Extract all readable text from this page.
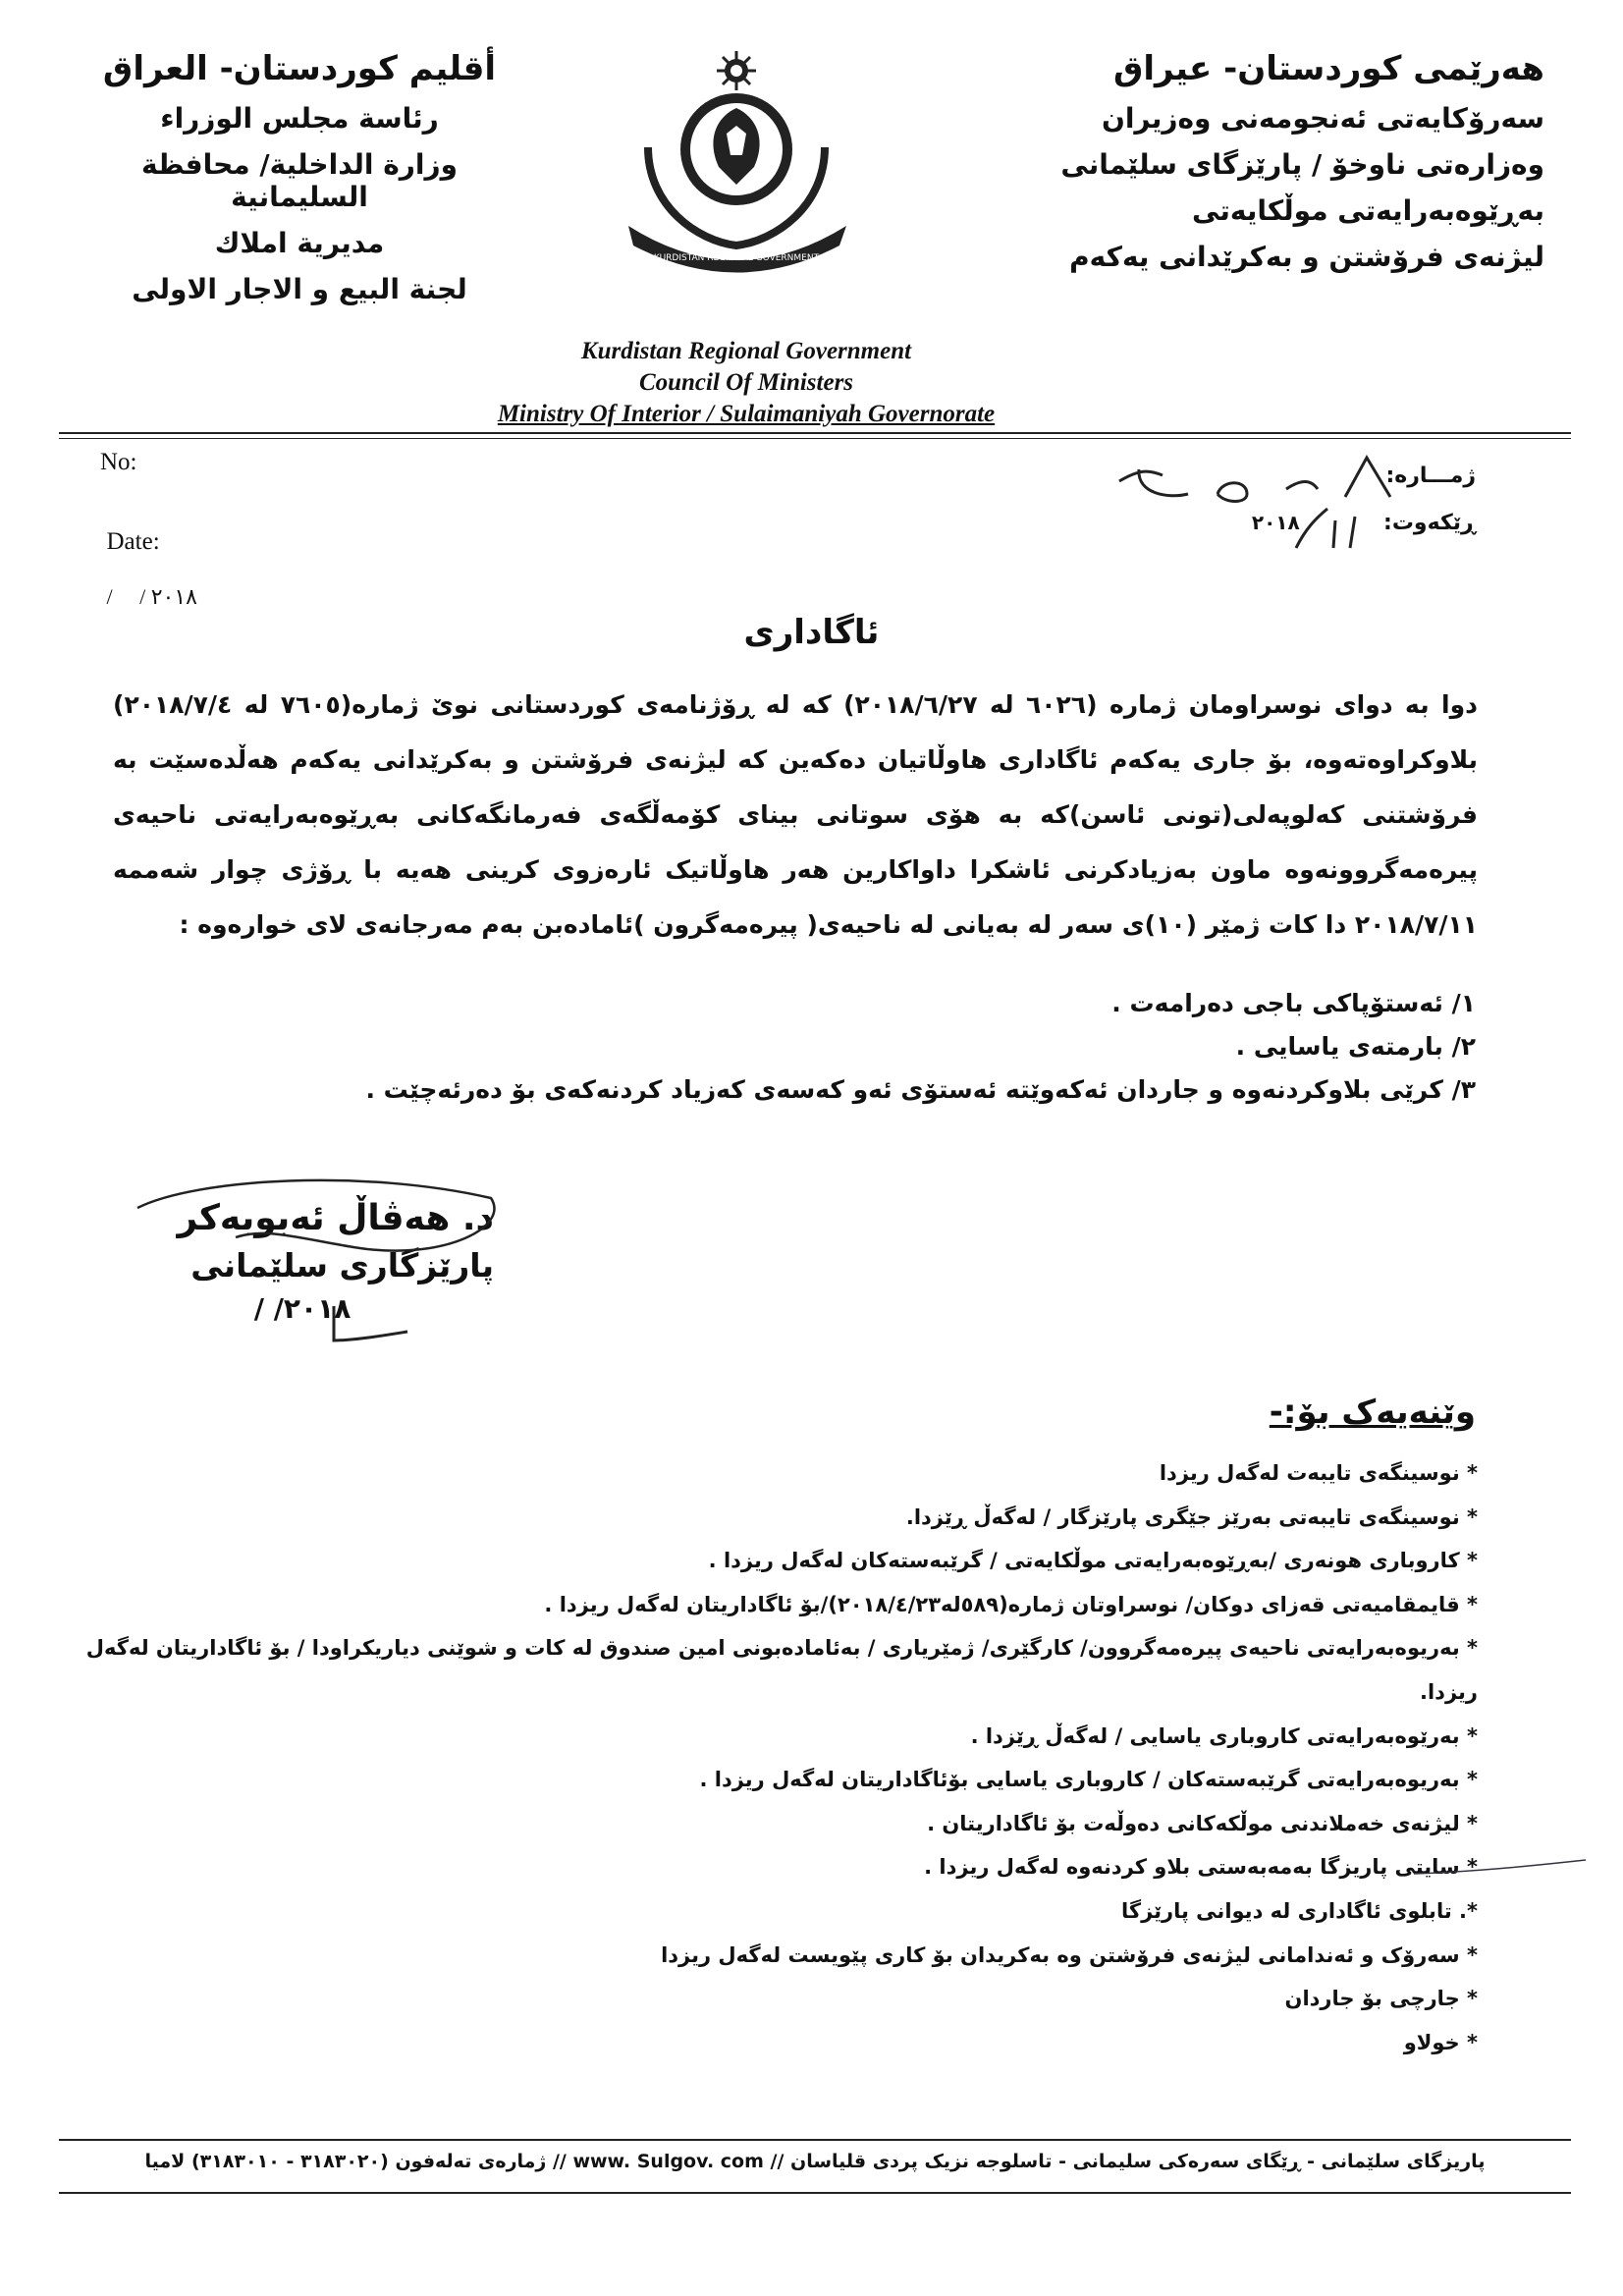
هەرێمی کوردستان- عیراق
سەرۆکایەتی ئەنجومەنی وەزیران
وەزارەتی ناوخۆ / پارێزگای سلێمانی
بەڕێوەبەرایەتی موڵکایەتی
لیژنەی فرۆشتن و بەکرێدانی یەکەم
أقليم كوردستان- العراق
رئاسة مجلس الوزراء
وزارة الداخلية/ محافظة السليمانية
مديرية املاك
لجنة البيع و الاجار الاولى
KURDISTAN REGIONAL GOVERNMENT
Kurdistan Regional Government
Council Of Ministers
Ministry Of Interior / Sulaimaniyah Governorate
No:

Date:

/     / ٢٠١٨

ژمـــارە:
ڕێکەوت:  ٢٠١٨
ئاگاداری
دوا بە دوای نوسراومان ژمارە (٦٠٢٦ لە ٢٠١٨/٦/٢٧) کە لە ڕۆژنامەی کوردستانی نوێ ژمارە(٧٦٠٥ لە ٢٠١٨/٧/٤) بلاوکراوەتەوە، بۆ جاری یەکەم ئاگاداری هاوڵاتیان دەکەین کە لیژنەی فرۆشتن و بەکرێدانی یەکەم هەڵدەسێت بە فرۆشتنی کەلوپەلی(تونی ئاسن)کە بە هۆی سوتانی بینای کۆمەڵگەی فەرمانگەکانی بەڕێوەبەرایەتی ناحیەی پیرەمەگروونەوە ماون بەزیادکرنی ئاشکرا داواکارین هەر هاوڵاتیک ئارەزوی کرینی هەیە با ڕۆژی چوار شەممە ٢٠١٨/٧/١١ دا کات ژمێر (١٠)ی سەر لە بەیانی لە ناحیەی( پیرەمەگرون )ئامادەبن بەم مەرجانەی لای خوارەوە :
١/ ئەستۆپاکی باجی دەرامەت .
٢/ بارمتەی یاسایی .
٣/ کرێی بلاوکردنەوە و جاردان ئەکەوێتە ئەستۆی ئەو کەسەی کەزیاد کردنەکەی بۆ دەرئەچێت .
د. هەڤاڵ ئەبوبەکر
پارێزگاری سلێمانی
٢٠١٨/ /
وێنەیەک بۆ:-
* نوسینگەی تایبەت لەگەل ریزدا
* نوسینگەی تایبەتی بەرێز جێگری پارێزگار / لەگەڵ ڕێزدا.
* کاروباری هونەری /بەڕێوەبەرایەتی موڵکایەتی / گرێبەستەکان لەگەل ریزدا .
* قایمقامیەتی قەزای دوکان/ نوسراوتان ژمارە(٥٨٩لە٢٠١٨/٤/٢٣)/بۆ ئاگاداریتان لەگەل ریزدا .
* بەریوەبەرایەتی ناحیەی پیرەمەگروون/ کارگێری/ ژمێریاری / بەئامادەبونی امین صندوق لە کات و شوێنی دیاریکراودا / بۆ ئاگاداریتان لەگەل ریزدا.
* بەرێوەبەرایەتی کاروباری یاسایی / لەگەڵ ڕێزدا .
* بەریوەبەرایەتی گرێبەستەکان / کاروباری یاسایی بۆئاگاداریتان لەگەل ریزدا .
* لیژنەی خەملاندنی موڵکەکانی دەوڵەت بۆ ئاگاداریتان .
* سایتی پاریزگا بەمەبەستی بلاو کردنەوە لەگەل ریزدا .
*. تابلوی ئاگاداری لە دیوانی پارێزگا
* سەرۆک و ئەندامانی لیژنەی فرۆشتن وە بەکریدان بۆ کاری پێویست لەگەل ریزدا
* جارچی بۆ جاردان
* خولاو
پاریزگای سلێمانی - ڕێگای سەرەکی سلیمانی - تاسلوجە نزیک پردی قلیاسان // www. Sulgov. com // ژمارەی تەلەفون (٣١٨٣٠٢٠ - ٣١٨٣٠١٠) لامیا
